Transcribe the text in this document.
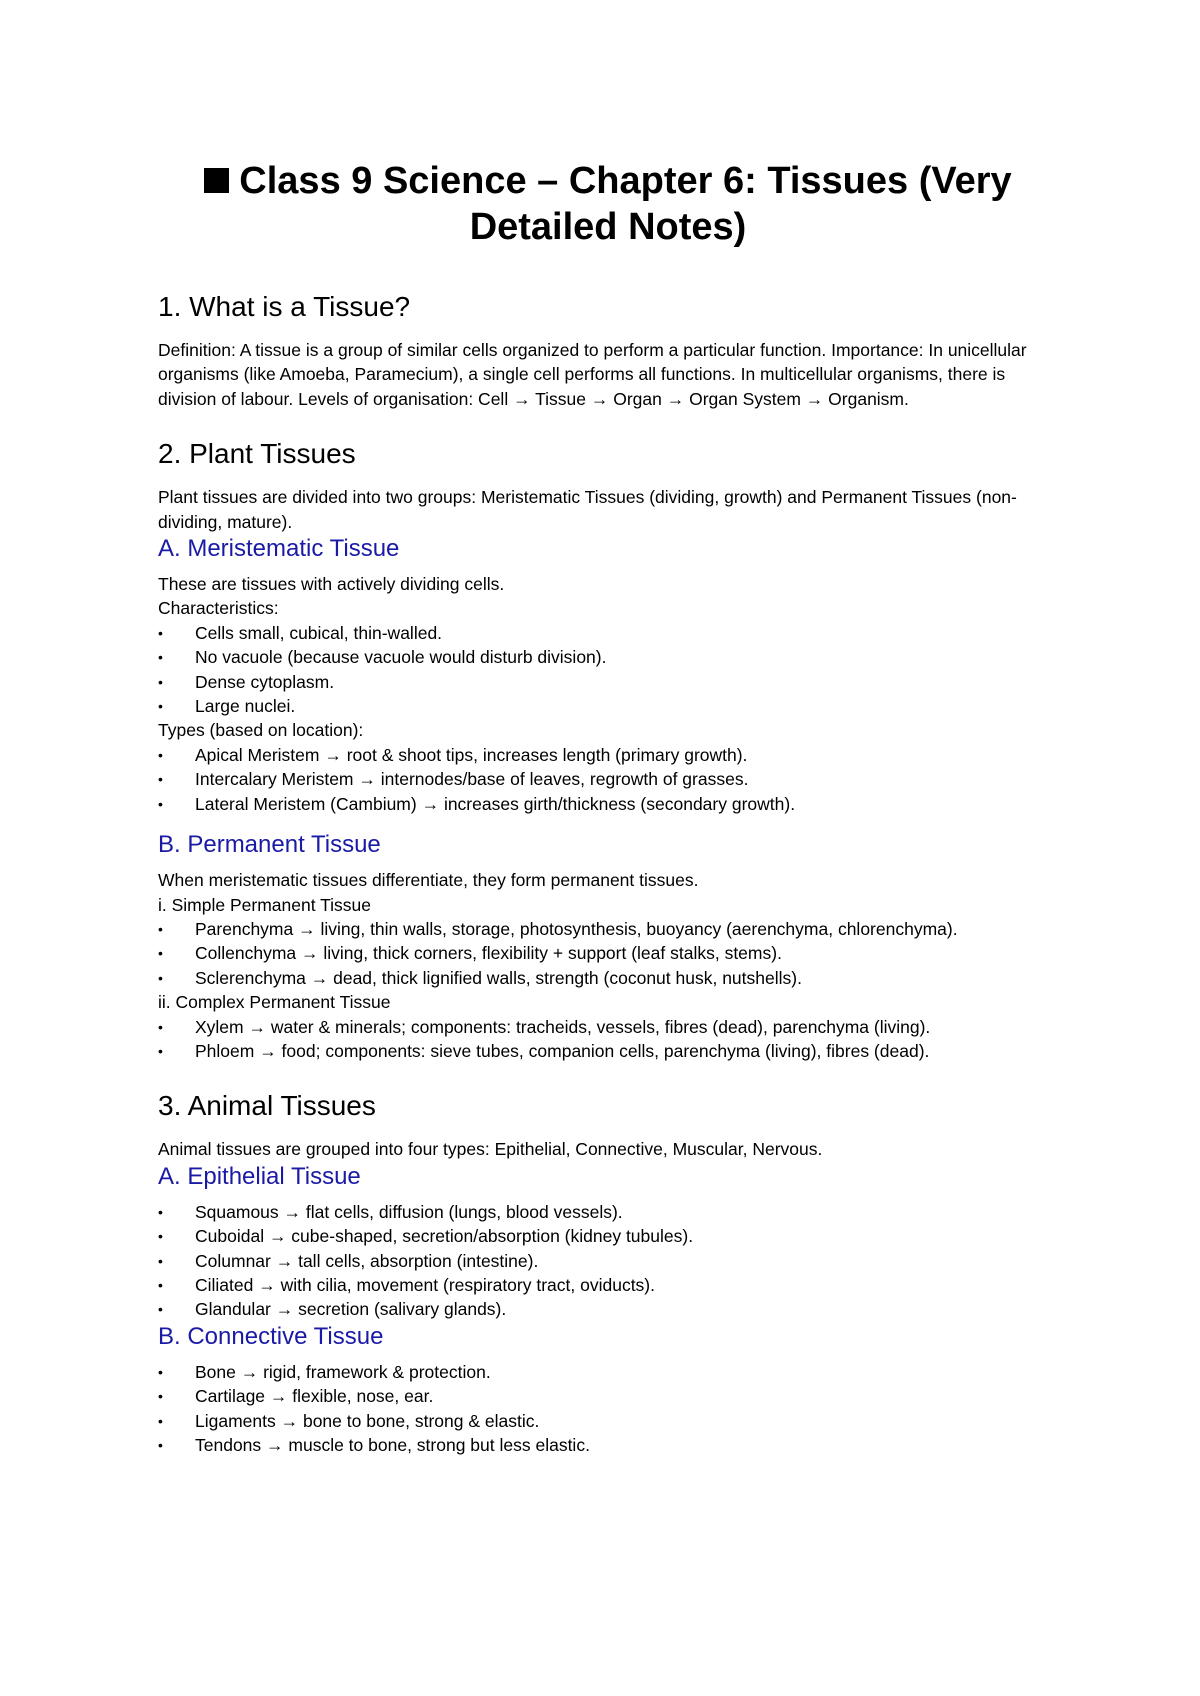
Class 9 Science – Chapter 6: Tissues (Very Detailed Notes)
1. What is a Tissue?

Definition: A tissue is a group of similar cells organized to perform a particular function. Importance: In unicellular organisms (like Amoeba, Paramecium), a single cell performs all functions. In multicellular organisms, there is division of labour. Levels of organisation: Cell → Tissue → Organ → Organ System → Organism.

2. Plant Tissues

Plant tissues are divided into two groups: Meristematic Tissues (dividing, growth) and Permanent Tissues (non-dividing, mature).

A. Meristematic Tissue

These are tissues with actively dividing cells.

Characteristics:

• Cells small, cubical, thin-walled.
• No vacuole (because vacuole would disturb division).
• Dense cytoplasm.
• Large nuclei.

Types (based on location):

• Apical Meristem → root & shoot tips, increases length (primary growth).
• Intercalary Meristem → internodes/base of leaves, regrowth of grasses.
• Lateral Meristem (Cambium) → increases girth/thickness (secondary growth).
B. Permanent Tissue

When meristematic tissues differentiate, they form permanent tissues.

i. Simple Permanent Tissue

• Parenchyma → living, thin walls, storage, photosynthesis, buoyancy (aerenchyma, chlorenchyma).
• Collenchyma → living, thick corners, flexibility + support (leaf stalks, stems).
• Sclerenchyma → dead, thick lignified walls, strength (coconut husk, nutshells).

ii. Complex Permanent Tissue

• Xylem → water & minerals; components: tracheids, vessels, fibres (dead), parenchyma (living).
• Phloem → food; components: sieve tubes, companion cells, parenchyma (living), fibres (dead).
3. Animal Tissues

Animal tissues are grouped into four types: Epithelial, Connective, Muscular, Nervous.

A. Epithelial Tissue
• Squamous → flat cells, diffusion (lungs, blood vessels).
• Cuboidal → cube-shaped, secretion/absorption (kidney tubules).
• Columnar → tall cells, absorption (intestine).
• Ciliated → with cilia, movement (respiratory tract, oviducts).
• Glandular → secretion (salivary glands).
B. Connective Tissue
• Bone → rigid, framework & protection.
• Cartilage → flexible, nose, ear.
• Ligaments → bone to bone, strong & elastic.
• Tendons → muscle to bone, strong but less elastic.
